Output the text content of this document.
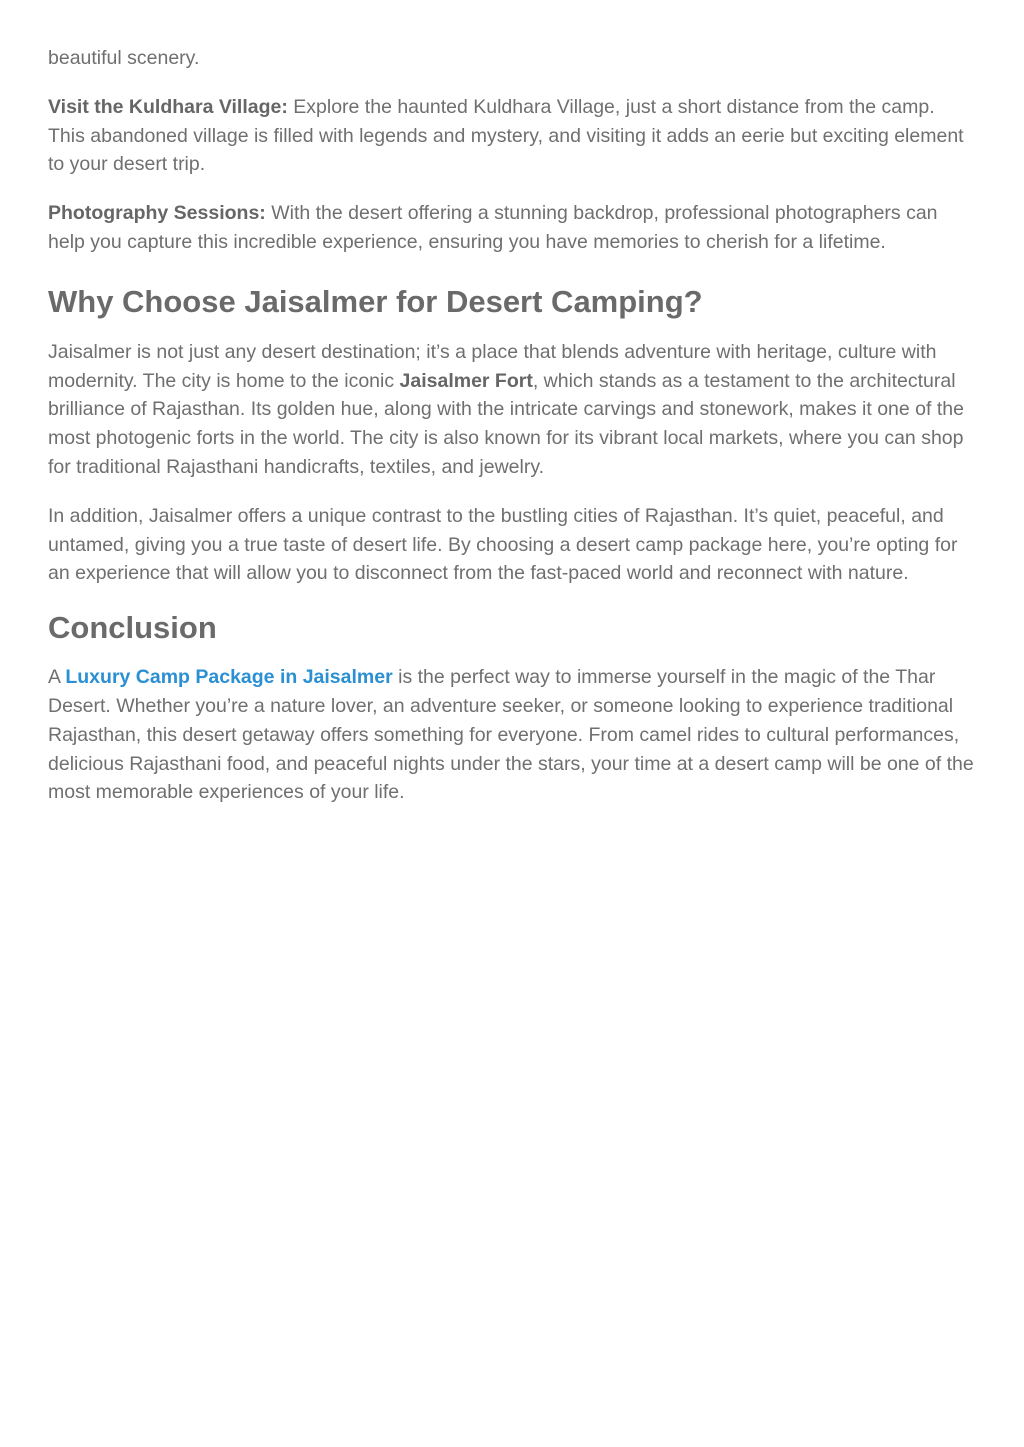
beautiful scenery.

Visit the Kuldhara Village: Explore the haunted Kuldhara Village, just a short distance from the camp. This abandoned village is filled with legends and mystery, and visiting it adds an eerie but exciting element to your desert trip.

Photography Sessions: With the desert offering a stunning backdrop, professional photographers can help you capture this incredible experience, ensuring you have memories to cherish for a lifetime.

Why Choose Jaisalmer for Desert Camping?

Jaisalmer is not just any desert destination; it’s a place that blends adventure with heritage, culture with modernity. The city is home to the iconic Jaisalmer Fort, which stands as a testament to the architectural brilliance of Rajasthan. Its golden hue, along with the intricate carvings and stonework, makes it one of the most photogenic forts in the world. The city is also known for its vibrant local markets, where you can shop for traditional Rajasthani handicrafts, textiles, and jewelry.

In addition, Jaisalmer offers a unique contrast to the bustling cities of Rajasthan. It’s quiet, peaceful, and untamed, giving you a true taste of desert life. By choosing a desert camp package here, you’re opting for an experience that will allow you to disconnect from the fast-paced world and reconnect with nature.

Conclusion

A Luxury Camp Package in Jaisalmer is the perfect way to immerse yourself in the magic of the Thar Desert. Whether you’re a nature lover, an adventure seeker, or someone looking to experience traditional Rajasthan, this desert getaway offers something for everyone. From camel rides to cultural performances, delicious Rajasthani food, and peaceful nights under the stars, your time at a desert camp will be one of the most memorable experiences of your life.
